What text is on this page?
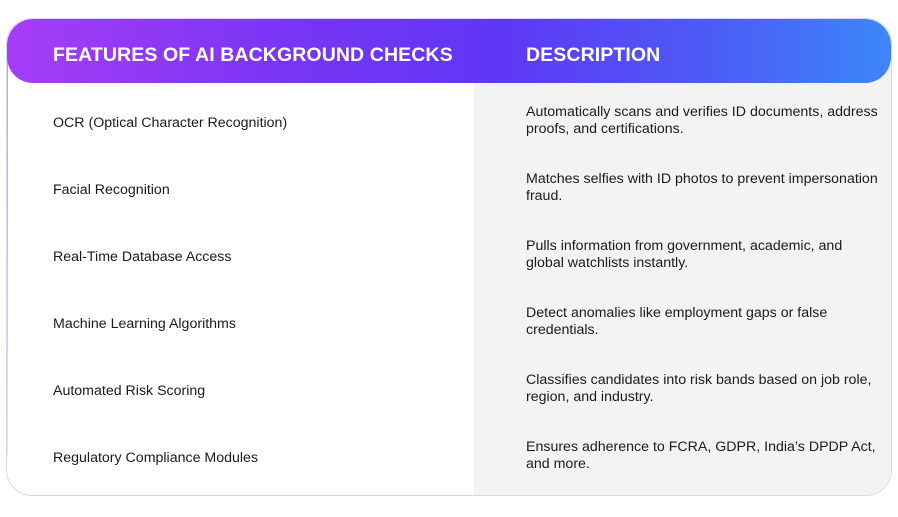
FEATURES OF AI BACKGROUND CHECKS	DESCRIPTION
OCR (Optical Character Recognition)
Automatically scans and verifies ID documents, address proofs, and certifications.
Facial Recognition
Matches selfies with ID photos to prevent impersonation fraud.
Real-Time Database Access
Pulls information from government, academic, and global watchlists instantly.
Machine Learning Algorithms
Detect anomalies like employment gaps or false credentials.
Automated Risk Scoring
Classifies candidates into risk bands based on job role, region, and industry.
Regulatory Compliance Modules
Ensures adherence to FCRA, GDPR, India’s DPDP Act, and more.
